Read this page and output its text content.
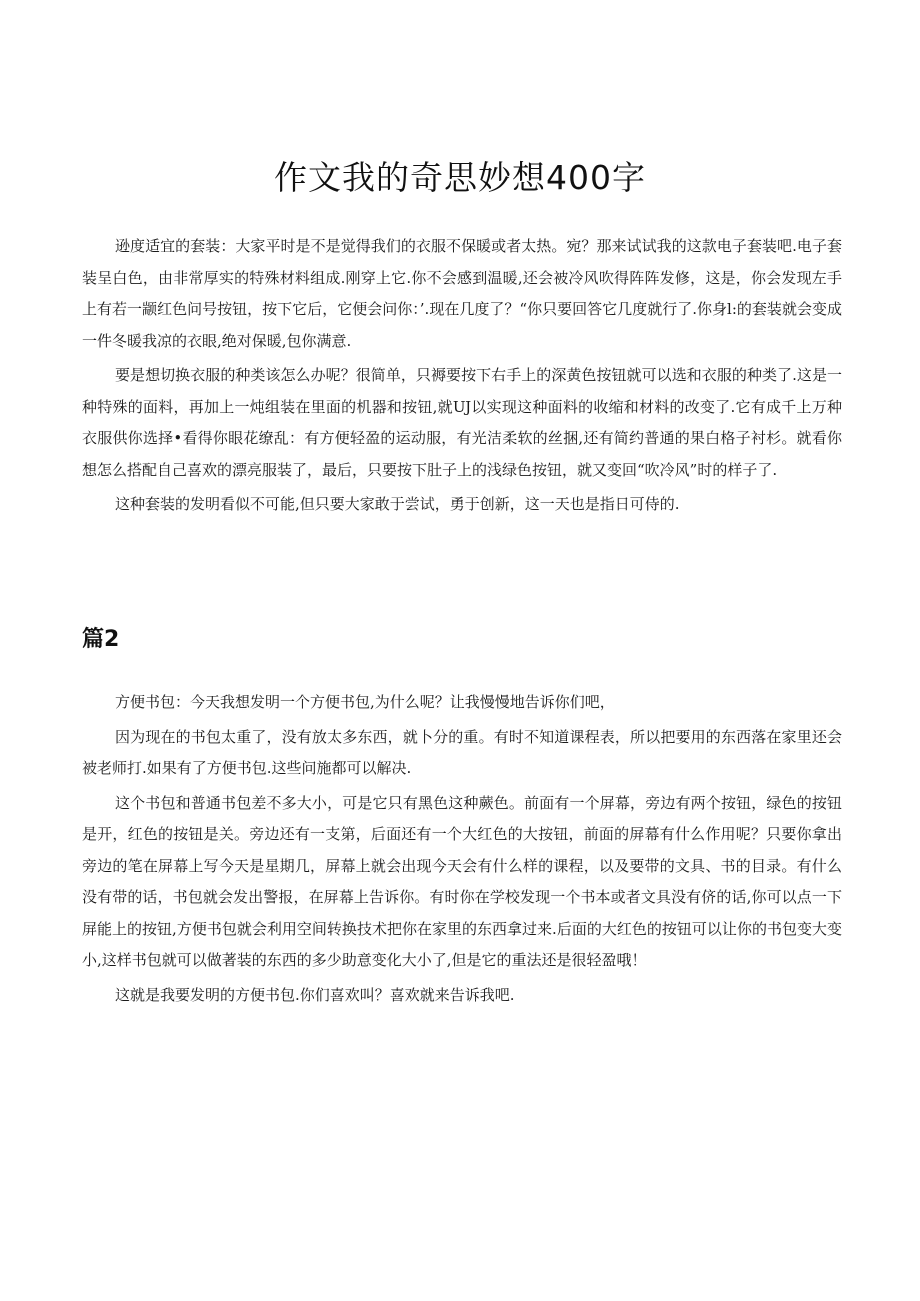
作文我的奇思妙想400字

逊度适宜的套装：大家平时是不是觉得我们的衣服不保暖或者太热。宛？那来试试我的这款电子套装吧.电子套装呈白色，由非常厚实的特殊材料组成.刚穿上它.你不会感到温暖,还会被冷风吹得阵阵发修，这是，你会发现左手上有若一颛红色问号按钮，按下它后，它便会问你：’.现在几度了？“你只要回答它几度就行了.你身l:的套装就会变成一件冬暖我凉的衣眼,绝对保暖,包你满意.

要是想切换衣服的种类该怎么办呢？很简单，只褥要按下右手上的深黄色按钮就可以选和衣服的种类了.这是一种特殊的面料，再加上一炖组装在里面的机器和按钮,就UJ以实现这种面料的收缩和材料的改变了.它有成千上万种衣服供你选择•看得你眼花缭乱：有方便轻盈的运动服，有光洁柔软的丝捆,还有简约普通的果白格子衬杉。就看你想怎么搭配自己喜欢的漂亮服装了，最后，只要按下肚子上的浅绿色按钮，就又变回“吹冷风”时的样子了.

这种套装的发明看似不可能,但只要大家敢于尝试，勇于创新，这一天也是指日可侍的.

篇2

方便书包：今天我想发明一个方便书包,为什么呢？让我慢慢地告诉你们吧，

因为现在的书包太重了，没有放太多东西，就卜分的重。有时不知道课程表，所以把要用的东西落在家里还会被老师打.如果有了方便书包.这些问施都可以解决.

这个书包和普通书包差不多大小，可是它只有黑色这种蕨色。前面有一个屏幕，旁边有两个按钮，绿色的按钮是开，红色的按钮是关。旁边还有一支第，后面还有一个大红色的大按钮，前面的屏幕有什么作用呢？只要你拿出旁边的笔在屏幕上写今天是星期几，屏幕上就会出现今天会有什么样的课程，以及要带的文具、书的目录。有什么没有带的话，书包就会发出警报，在屏幕上告诉你。有时你在学校发现一个书本或者文具没有侪的话,你可以点一下屏能上的按钮,方便书包就会利用空间转换技术把你在家里的东西拿过来.后面的大红色的按钮可以让你的书包变大变小,这样书包就可以做著装的东西的多少助意变化大小了,但是它的重法还是很轻盈哦！

这就是我要发明的方便书包.你们喜欢叫？喜欢就来告诉我吧.
